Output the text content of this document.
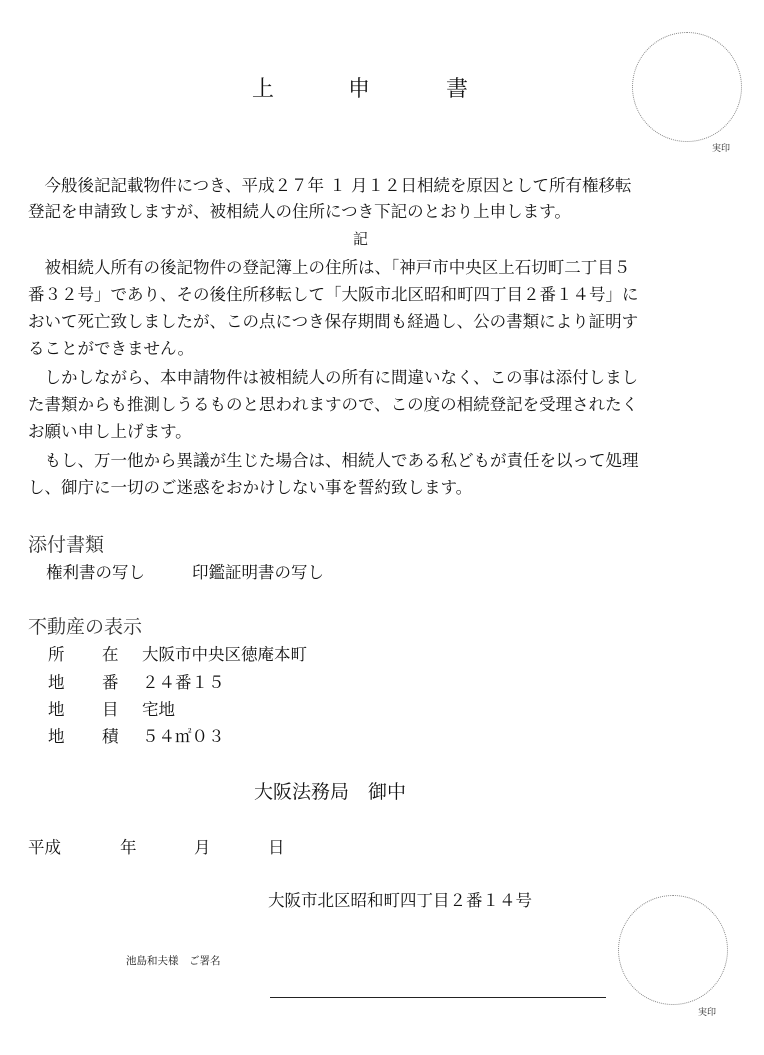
上	申	書
実印
　今般後記記載物件につき、平成２７年 １ 月１２日相続を原因として所有権移転
登記を申請致しますが、被相続人の住所につき下記のとおり上申します。
記
　被相続人所有の後記物件の登記簿上の住所は、「神戸市中央区上石切町二丁目５
番３２号」であり、その後住所移転して「大阪市北区昭和町四丁目２番１４号」に
おいて死亡致しましたが、この点につき保存期間も経過し、公の書類により証明す
ることができません。
　しかしながら、本申請物件は被相続人の所有に間違いなく、この事は添付しまし
た書類からも推測しうるものと思われますので、この度の相続登記を受理されたく
お願い申し上げます。
　もし、万一他から異議が生じた場合は、相続人である私どもが責任を以って処理
し、御庁に一切のご迷惑をおかけしない事を誓約致します。
添付書類
権利書の写し	印鑑証明書の写し
不動産の表示
所 在 大阪市中央区徳庵本町
地 番 ２４番１５
地 目 宅地
地 積 ５４㎡０３
大阪法務局　御中
平成	年	月	日
大阪市北区昭和町四丁目２番１４号
池島和夫様　ご署名
実印
